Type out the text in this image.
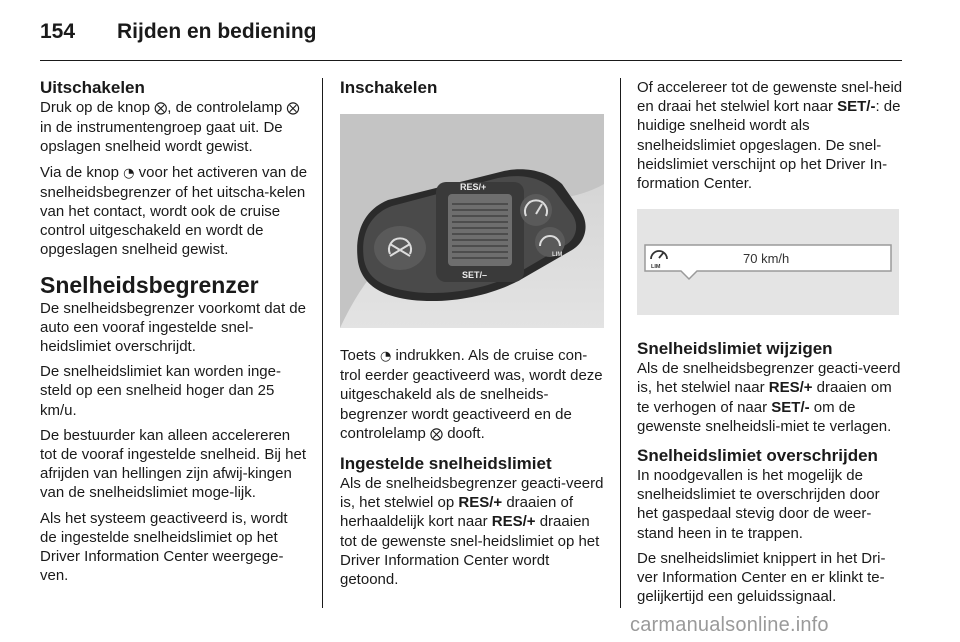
154 Rijden en bediening
Uitschakelen

Druk op de knop ⨂, de controlelamp ⨂ in de instrumentengroep gaat uit. De opslagen snelheid wordt gewist.

Via de knop ◔ voor het activeren van de snelheidsbegrenzer of het uitscha-kelen van het contact, wordt ook de cruise control uitgeschakeld en wordt de opgeslagen snelheid gewist.

Snelheidsbegrenzer

De snelheidsbegrenzer voorkomt dat de auto een vooraf ingestelde snel-heidslimiet overschrijdt.

De snelheidslimiet kan worden inge-steld op een snelheid hoger dan 25 km/u.

De bestuurder kan alleen accelereren tot de vooraf ingestelde snelheid. Bij het afrijden van hellingen zijn afwij-kingen van de snelheidslimiet moge-lijk.

Als het systeem geactiveerd is, wordt de ingestelde snelheidslimiet op het Driver Information Center weergege-ven.

Inschakelen
RES/+
SET/–
LIM

Toets ◔ indrukken. Als de cruise con-trol eerder geactiveerd was, wordt deze uitgeschakeld als de snelheids-begrenzer wordt geactiveerd en de controlelamp ⨂ dooft.

Ingestelde snelheidslimiet

Als de snelheidsbegrenzer geacti-veerd is, het stelwiel op RES/+ draaien of herhaaldelijk kort naar RES/+ draaien tot de gewenste snel-heidslimiet op het Driver Information Center wordt getoond.

Of accelereer tot de gewenste snel-heid en draai het stelwiel kort naar SET/-: de huidige snelheid wordt als snelheidslimiet opgeslagen. De snel-heidslimiet verschijnt op het Driver In-formation Center.

LIM
70 km/h
Snelheidslimiet wijzigen

Als de snelheidsbegrenzer geacti-veerd is, het stelwiel naar RES/+ draaien om te verhogen of naar SET/- om de gewenste snelheidsli-miet te verlagen.

Snelheidslimiet overschrijden

In noodgevallen is het mogelijk de snelheidslimiet te overschrijden door het gaspedaal stevig door de weer-stand heen in te trappen.

De snelheidslimiet knippert in het Dri-ver Information Center en er klinkt te-gelijkertijd een geluidssignaal.

carmanualsonline.info
